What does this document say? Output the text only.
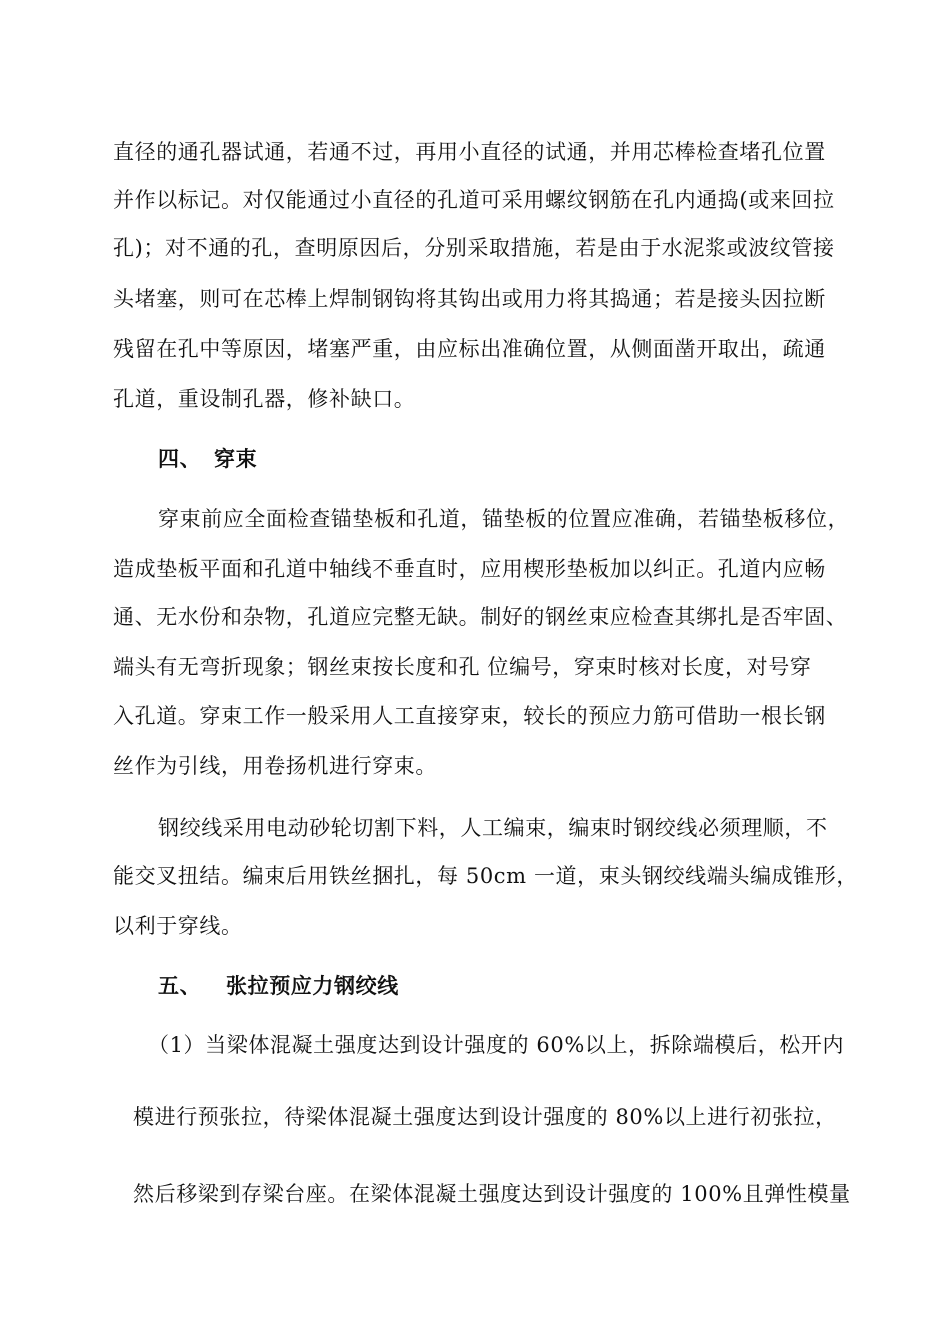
直径的通孔器试通，若通不过，再用小直径的试通，并用芯棒检查堵孔位置
并作以标记。对仅能通过小直径的孔道可采用螺纹钢筋在孔内通捣(或来回拉
孔)；对不通的孔，查明原因后，分别采取措施，若是由于水泥浆或波纹管接
头堵塞，则可在芯棒上焊制钢钩将其钩出或用力将其捣通；若是接头因拉断
残留在孔中等原因，堵塞严重，由应标出准确位置，从侧面凿开取出，疏通
孔道，重设制孔器，修补缺口。
四、 穿束
穿束前应全面检查锚垫板和孔道，锚垫板的位置应准确，若锚垫板移位，
造成垫板平面和孔道中轴线不垂直时，应用楔形垫板加以纠正。孔道内应畅
通、无水份和杂物，孔道应完整无缺。制好的钢丝束应检查其绑扎是否牢固、
端头有无弯折现象；钢丝束按长度和孔 位编号，穿束时核对长度，对号穿
入孔道。穿束工作一般采用人工直接穿束，较长的预应力筋可借助一根长钢
丝作为引线，用卷扬机进行穿束。
钢绞线采用电动砂轮切割下料，人工编束，编束时钢绞线必须理顺，不
能交叉扭结。编束后用铁丝捆扎，每 50cm 一道，束头钢绞线端头编成锥形，
以利于穿线。
五、 张拉预应力钢绞线
（1）当梁体混凝土强度达到设计强度的 60%以上，拆除端模后，松开内
模进行预张拉，待梁体混凝土强度达到设计强度的 80%以上进行初张拉，
然后移梁到存梁台座。在梁体混凝土强度达到设计强度的 100%且弹性模量
